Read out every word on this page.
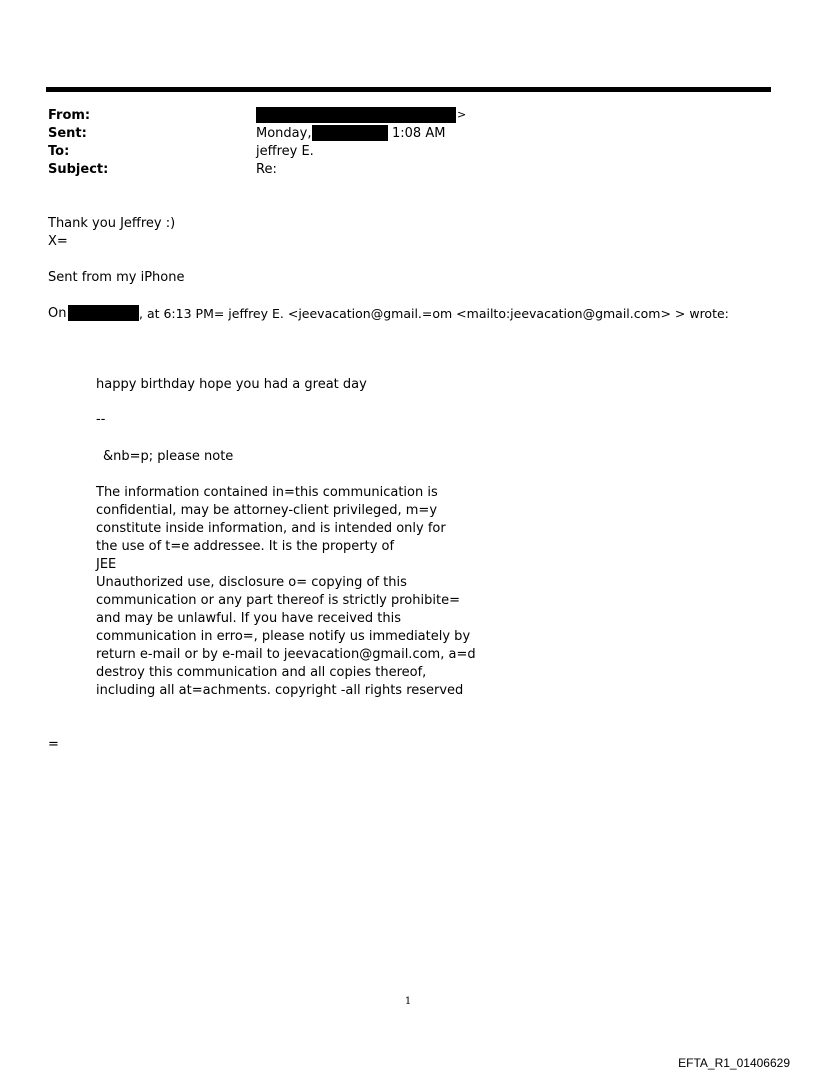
From:
Sent:
To:
Subject:
>
Monday,	1:08 AM
jeffrey E.
Re:
Thank you Jeffrey :)
X=
Sent from my iPhone
On	, at 6:13 PM= jeffrey E. <jeevacation@gmail.=om <mailto:jeevacation@gmail.com> > wrote:
happy birthday hope you had a great day
--
&nb=p; please note
The information contained in=this communication is
confidential, may be attorney-client privileged, m=y
constitute inside information, and is intended only for
the use of t=e addressee. It is the property of
JEE
Unauthorized use, disclosure o= copying of this
communication or any part thereof is strictly prohibite=
and may be unlawful. If you have received this
communication in erro=, please notify us immediately by
return e-mail or by e-mail to jeevacation@gmail.com, a=d
destroy this communication and all copies thereof,
including all at=achments. copyright -all rights reserved
=
1
EFTA_R1_01406629
